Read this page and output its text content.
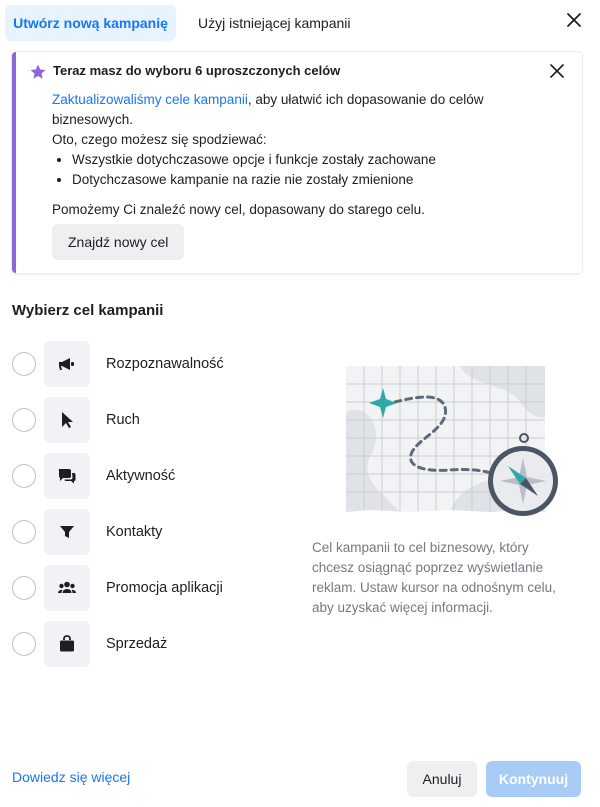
Utwórz nową kampanię	Użyj istniejącej kampanii
Teraz masz do wyboru 6 uproszczonych celów
Zaktualizowaliśmy cele kampanii, aby ułatwić ich dopasowanie do celów biznesowych.
Oto, czego możesz się spodziewać:
• Wszystkie dotychczasowe opcje i funkcje zostały zachowane
• Dotychczasowe kampanie na razie nie zostały zmienione
Pomożemy Ci znaleźć nowy cel, dopasowany do starego celu.
Znajdź nowy cel
Wybierz cel kampanii
Rozpoznawalność
Ruch
Aktywność
Kontakty
Promocja aplikacji
Sprzedaż
Cel kampanii to cel biznesowy, który chcesz osiągnąć poprzez wyświetlanie reklam. Ustaw kursor na odnośnym celu, aby uzyskać więcej informacji.
Dowiedz się więcej	Anuluj	Kontynuuj
